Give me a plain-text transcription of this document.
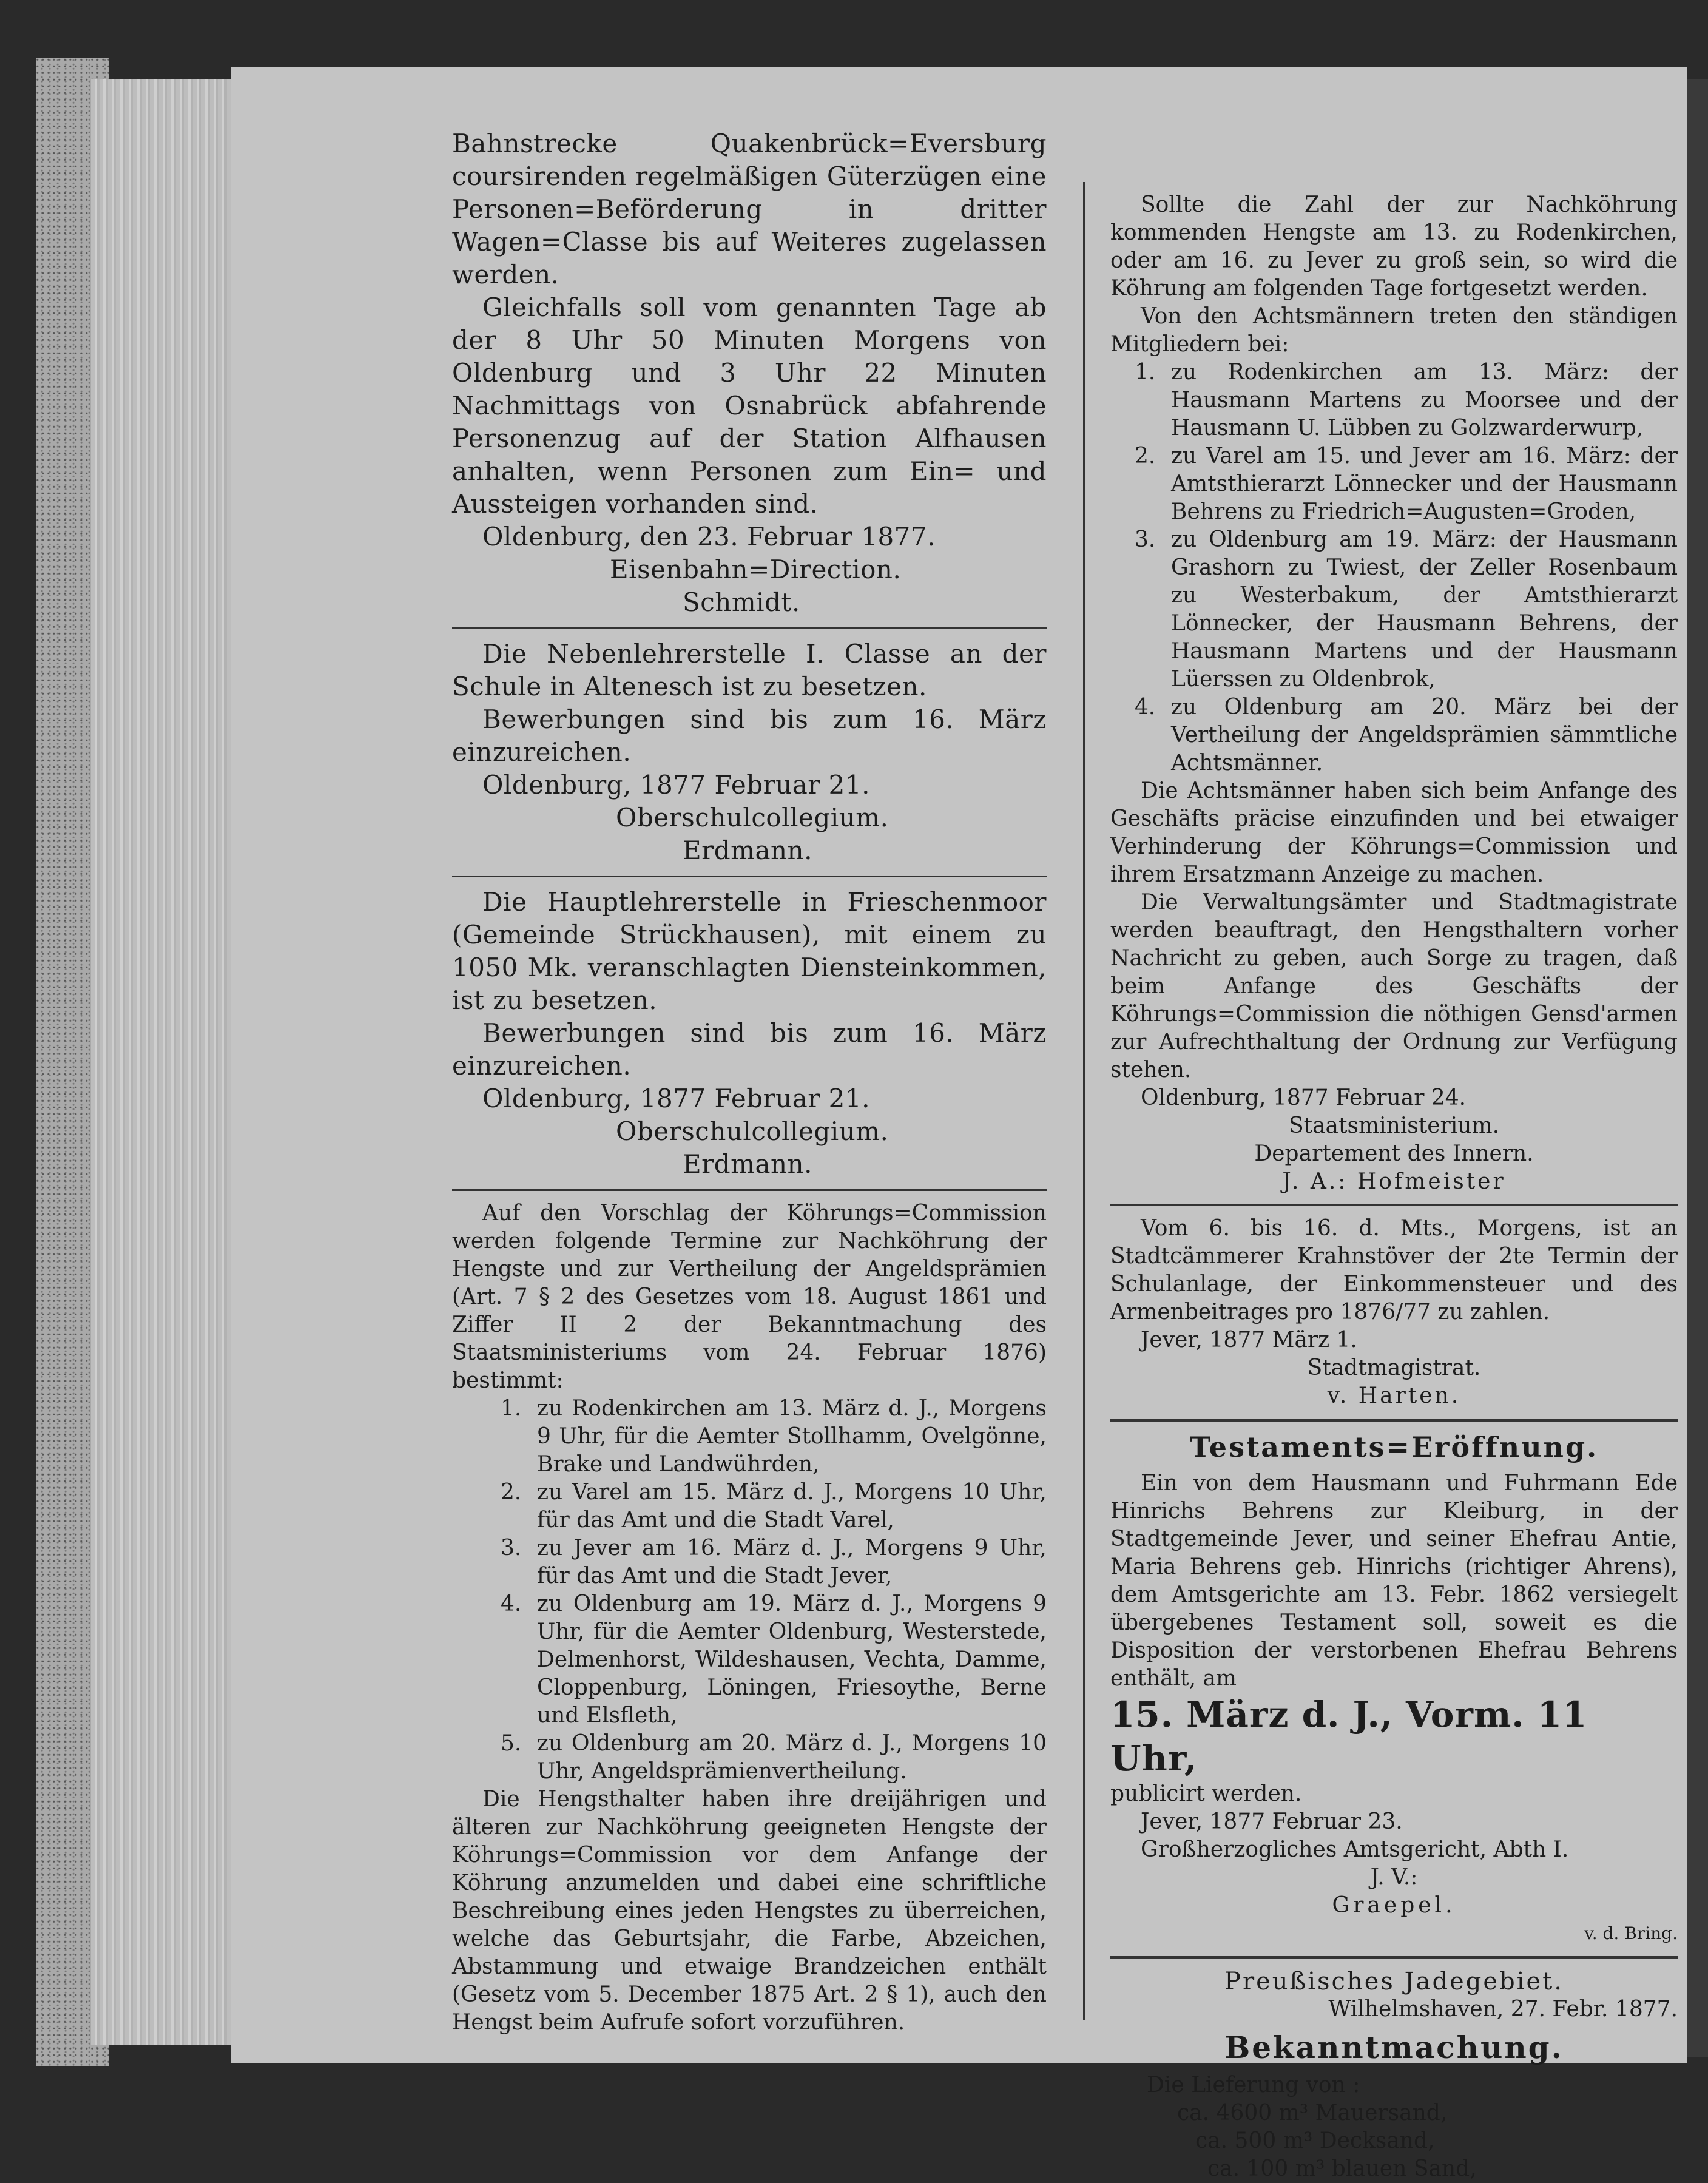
Bahnstrecke Quakenbrück=Eversburg coursirenden regelmäßigen Güterzügen eine Personen=Beförderung in dritter Wagen=Classe bis auf Weiteres zugelassen werden.

Gleichfalls soll vom genannten Tage ab der 8 Uhr 50 Minuten Morgens von Oldenburg und 3 Uhr 22 Minuten Nachmittags von Osnabrück abfahrende Personenzug auf der Station Alfhausen anhalten, wenn Personen zum Ein= und Aussteigen vorhanden sind.

Oldenburg, den 23. Februar 1877.

Eisenbahn=Direction.

Schmidt.

Die Nebenlehrerstelle I. Classe an der Schule in Altenesch ist zu besetzen.

Bewerbungen sind bis zum 16. März einzureichen.

Oldenburg, 1877 Februar 21.

Oberschulcollegium.

Erdmann.

Die Hauptlehrerstelle in Frieschenmoor (Gemeinde Strückhausen), mit einem zu 1050 Mk. veranschlagten Diensteinkommen, ist zu besetzen.

Bewerbungen sind bis zum 16. März einzureichen.

Oldenburg, 1877 Februar 21.

Oberschulcollegium.

Erdmann.

Auf den Vorschlag der Köhrungs=Commission werden folgende Termine zur Nachköhrung der Hengste und zur Vertheilung der Angeldsprämien (Art. 7 § 2 des Gesetzes vom 18. August 1861 und Ziffer II 2 der Bekanntmachung des Staatsministeriums vom 24. Februar 1876) bestimmt:

1. zu Rodenkirchen am 13. März d. J., Morgens 9 Uhr, für die Aemter Stollhamm, Ovelgönne, Brake und Landwührden,
2. zu Varel am 15. März d. J., Morgens 10 Uhr, für das Amt und die Stadt Varel,
3. zu Jever am 16. März d. J., Morgens 9 Uhr, für das Amt und die Stadt Jever,
4. zu Oldenburg am 19. März d. J., Morgens 9 Uhr, für die Aemter Oldenburg, Westerstede, Delmenhorst, Wildeshausen, Vechta, Damme, Cloppenburg, Löningen, Friesoythe, Berne und Elsfleth,
5. zu Oldenburg am 20. März d. J., Morgens 10 Uhr, Angeldsprämienvertheilung.

Die Hengsthalter haben ihre dreijährigen und älteren zur Nachköhrung geeigneten Hengste der Köhrungs=Commission vor dem Anfange der Köhrung anzumelden und dabei eine schriftliche Beschreibung eines jeden Hengstes zu überreichen, welche das Geburtsjahr, die Farbe, Abzeichen, Abstammung und etwaige Brandzeichen enthält (Gesetz vom 5. December 1875 Art. 2 § 1), auch den Hengst beim Aufrufe sofort vorzuführen.

Sollte die Zahl der zur Nachköhrung kommenden Hengste am 13. zu Rodenkirchen, oder am 16. zu Jever zu groß sein, so wird die Köhrung am folgenden Tage fortgesetzt werden.

Von den Achtsmännern treten den ständigen Mitgliedern bei:

1. zu Rodenkirchen am 13. März: der Hausmann Martens zu Moorsee und der Hausmann U. Lübben zu Golzwarderwurp,
2. zu Varel am 15. und Jever am 16. März: der Amtsthierarzt Lönnecker und der Hausmann Behrens zu Friedrich=Augusten=Groden,
3. zu Oldenburg am 19. März: der Hausmann Grashorn zu Twiest, der Zeller Rosenbaum zu Westerbakum, der Amtsthierarzt Lönnecker, der Hausmann Behrens, der Hausmann Martens und der Hausmann Lüerssen zu Oldenbrok,
4. zu Oldenburg am 20. März bei der Vertheilung der Angeldsprämien sämmtliche Achtsmänner.

Die Achtsmänner haben sich beim Anfange des Geschäfts präcise einzufinden und bei etwaiger Verhinderung der Köhrungs=Commission und ihrem Ersatzmann Anzeige zu machen.

Die Verwaltungsämter und Stadtmagistrate werden beauftragt, den Hengsthaltern vorher Nachricht zu geben, auch Sorge zu tragen, daß beim Anfange des Geschäfts der Köhrungs=Commission die nöthigen Gensd'armen zur Aufrechthaltung der Ordnung zur Verfügung stehen.

Oldenburg, 1877 Februar 24.

Staatsministerium.

Departement des Innern.

J. A.: Hofmeister

Vom 6. bis 16. d. Mts., Morgens, ist an Stadtcämmerer Krahnstöver der 2te Termin der Schulanlage, der Einkommensteuer und des Armenbeitrages pro 1876/77 zu zahlen.

Jever, 1877 März 1.

Stadtmagistrat.

v. Harten.

Testaments=Eröffnung.

Ein von dem Hausmann und Fuhrmann Ede Hinrichs Behrens zur Kleiburg, in der Stadtgemeinde Jever, und seiner Ehefrau Antie, Maria Behrens geb. Hinrichs (richtiger Ahrens), dem Amtsgerichte am 13. Febr. 1862 versiegelt übergebenes Testament soll, soweit es die Disposition der verstorbenen Ehefrau Behrens enthält, am

15. März d. J., Vorm. 11 Uhr,

publicirt werden.

Jever, 1877 Februar 23.

Großherzogliches Amtsgericht, Abth I.

J. V.:

Graepel.

v. d. Bring.

Preußisches Jadegebiet.
Wilhelmshaven, 27. Febr. 1877.
Bekanntmachung.

Die Lieferung von :

ca. 4600 m³ Mauersand,

ca. 500 m³ Decksand,

ca. 100 m³ blauen Sand,
